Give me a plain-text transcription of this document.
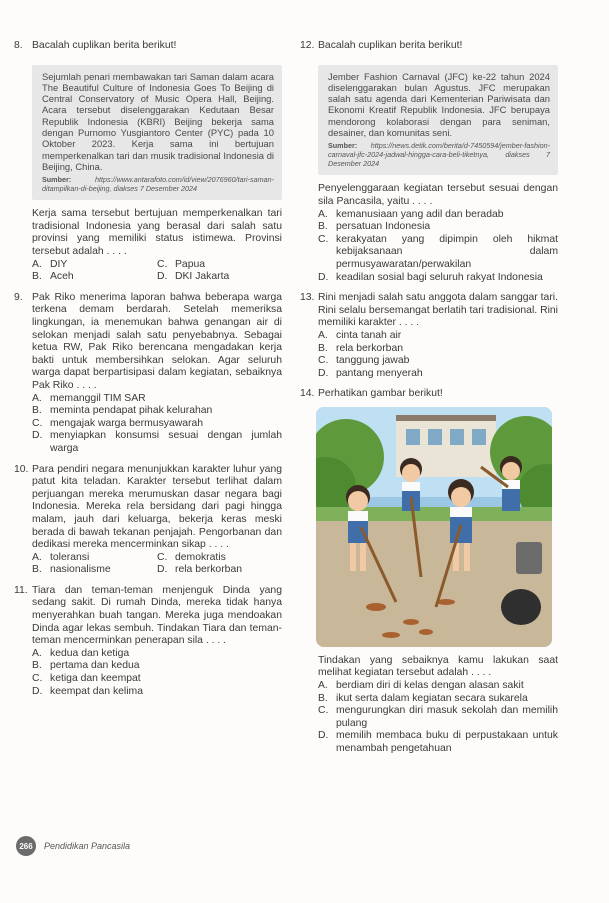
8. Bacalah cuplikan berita berikut!
Sejumlah penari membawakan tari Saman dalam acara The Beautiful Culture of Indonesia Goes To Beijing di Central Conservatory of Music Opera Hall, Beijing. Acara tersebut diselenggarakan Kedutaan Besar Republik Indonesia (KBRI) Beijing bekerja sama dengan Purnomo Yusgiantoro Center (PYC) pada 10 Oktober 2023. Kerja sama ini bertujuan memperkenalkan tari dan musik tradisional Indonesia di Beijing, China.
Sumber:	https://www.antarafoto.com/id/view/2076960/tari-saman-ditampilkan-di-beijing, diakses 7 Desember 2024
Kerja sama tersebut bertujuan memperkenalkan tari tradisional Indonesia yang berasal dari salah satu provinsi yang memiliki status istimewa. Provinsi tersebut adalah . . . .
A. DIY	C. Papua
B. Aceh	D. DKI Jakarta
9. Pak Riko menerima laporan bahwa beberapa warga terkena demam berdarah. Setelah memeriksa lingkungan, ia menemukan bahwa genangan air di selokan menjadi salah satu penyebabnya. Sebagai ketua RW, Pak Riko berencana mengadakan kerja bakti untuk membersihkan selokan. Agar seluruh warga dapat berpartisipasi dalam kegiatan, sebaiknya Pak Riko . . . .
A. memanggil TIM SAR
B. meminta pendapat pihak kelurahan
C. mengajak warga bermusyawarah
D. menyiapkan konsumsi sesuai dengan jumlah warga
10. Para pendiri negara menunjukkan karakter luhur yang patut kita teladan. Karakter tersebut terlihat dalam perjuangan mereka merumuskan dasar negara bagi Indonesia. Mereka rela bersidang dari pagi hingga malam, jauh dari keluarga, bekerja keras meski berada di bawah tekanan penjajah. Pengorbanan dan dedikasi mereka mencerminkan sikap . . . .
A. toleransi	C. demokratis
B. nasionalisme	D. rela berkorban
11. Tiara dan teman-teman menjenguk Dinda yang sedang sakit. Di rumah Dinda, mereka tidak hanya menyerahkan buah tangan. Mereka juga mendoakan Dinda agar lekas sembuh. Tindakan Tiara dan teman-teman mencerminkan penerapan sila . . . .
A. kedua dan ketiga
B. pertama dan kedua
C. ketiga dan keempat
D. keempat dan kelima
12. Bacalah cuplikan berita berikut!
Jember Fashion Carnaval (JFC) ke-22 tahun 2024 diselenggarakan bulan Agustus. JFC merupakan salah satu agenda dari Kementerian Pariwisata dan Ekonomi Kreatif Republik Indonesia. JFC berupaya mendorong kolaborasi dengan para seniman, desainer, dan komunitas seni.
Sumber: https://news.detik.com/berita/d-7450594/jember-fashion-carnaval-jfc-2024-jadwal-hingga-cara-beli-tiketnya, diakses 7 Desember 2024
Penyelenggaraan kegiatan tersebut sesuai dengan sila Pancasila, yaitu . . . .
A. kemanusiaan yang adil dan beradab
B. persatuan Indonesia
C. kerakyatan yang dipimpin oleh hikmat kebijaksanaan dalam permusyawaratan/perwakilan
D. keadilan sosial bagi seluruh rakyat Indonesia
13. Rini menjadi salah satu anggota dalam sanggar tari. Rini selalu bersemangat berlatih tari tradisional. Rini memiliki karakter . . . .
A. cinta tanah air
B. rela berkorban
C. tanggung jawab
D. pantang menyerah
14. Perhatikan gambar berikut!
Tindakan yang sebaiknya kamu lakukan saat melihat kegiatan tersebut adalah . . . .
A. berdiam diri di kelas dengan alasan sakit
B. ikut serta dalam kegiatan secara sukarela
C. mengurungkan diri masuk sekolah dan memilih pulang
D. memilih membaca buku di perpustakaan untuk menambah pengetahuan
266	Pendidikan Pancasila
